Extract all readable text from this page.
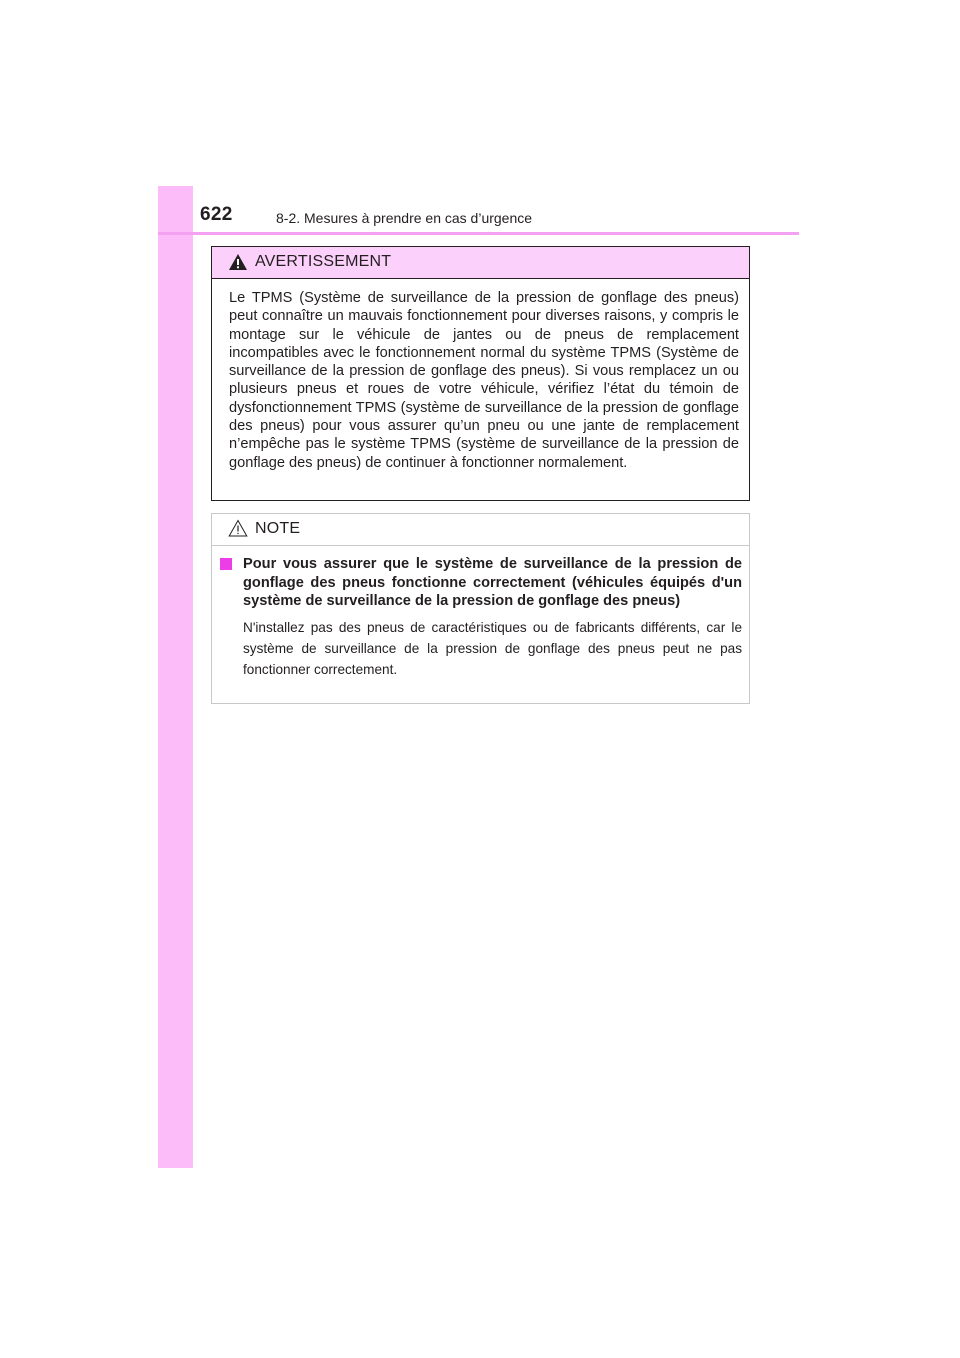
622	8-2. Mesures à prendre en cas d’urgence
AVERTISSEMENT
Le TPMS (Système de surveillance de la pression de gonflage des pneus) peut connaître un mauvais fonctionnement pour diverses raisons, y compris le montage sur le véhicule de jantes ou de pneus de remplacement incompatibles avec le fonctionnement normal du système TPMS (Système de surveillance de la pression de gonflage des pneus). Si vous remplacez un ou plusieurs pneus et roues de votre véhicule, vérifiez l’état du témoin de dysfonctionnement TPMS (système de surveillance de la pression de gonflage des pneus) pour vous assurer qu’un pneu ou une jante de remplacement n’empêche pas le système TPMS (système de surveillance de la pression de gonflage des pneus) de continuer à fonctionner normalement.
NOTE
Pour vous assurer que le système de surveillance de la pression de gonflage des pneus fonctionne correctement (véhicules équipés d'un système de surveillance de la pression de gonflage des pneus)
N'installez pas des pneus de caractéristiques ou de fabricants différents, car le système de surveillance de la pression de gonflage des pneus peut ne pas fonctionner correctement.
